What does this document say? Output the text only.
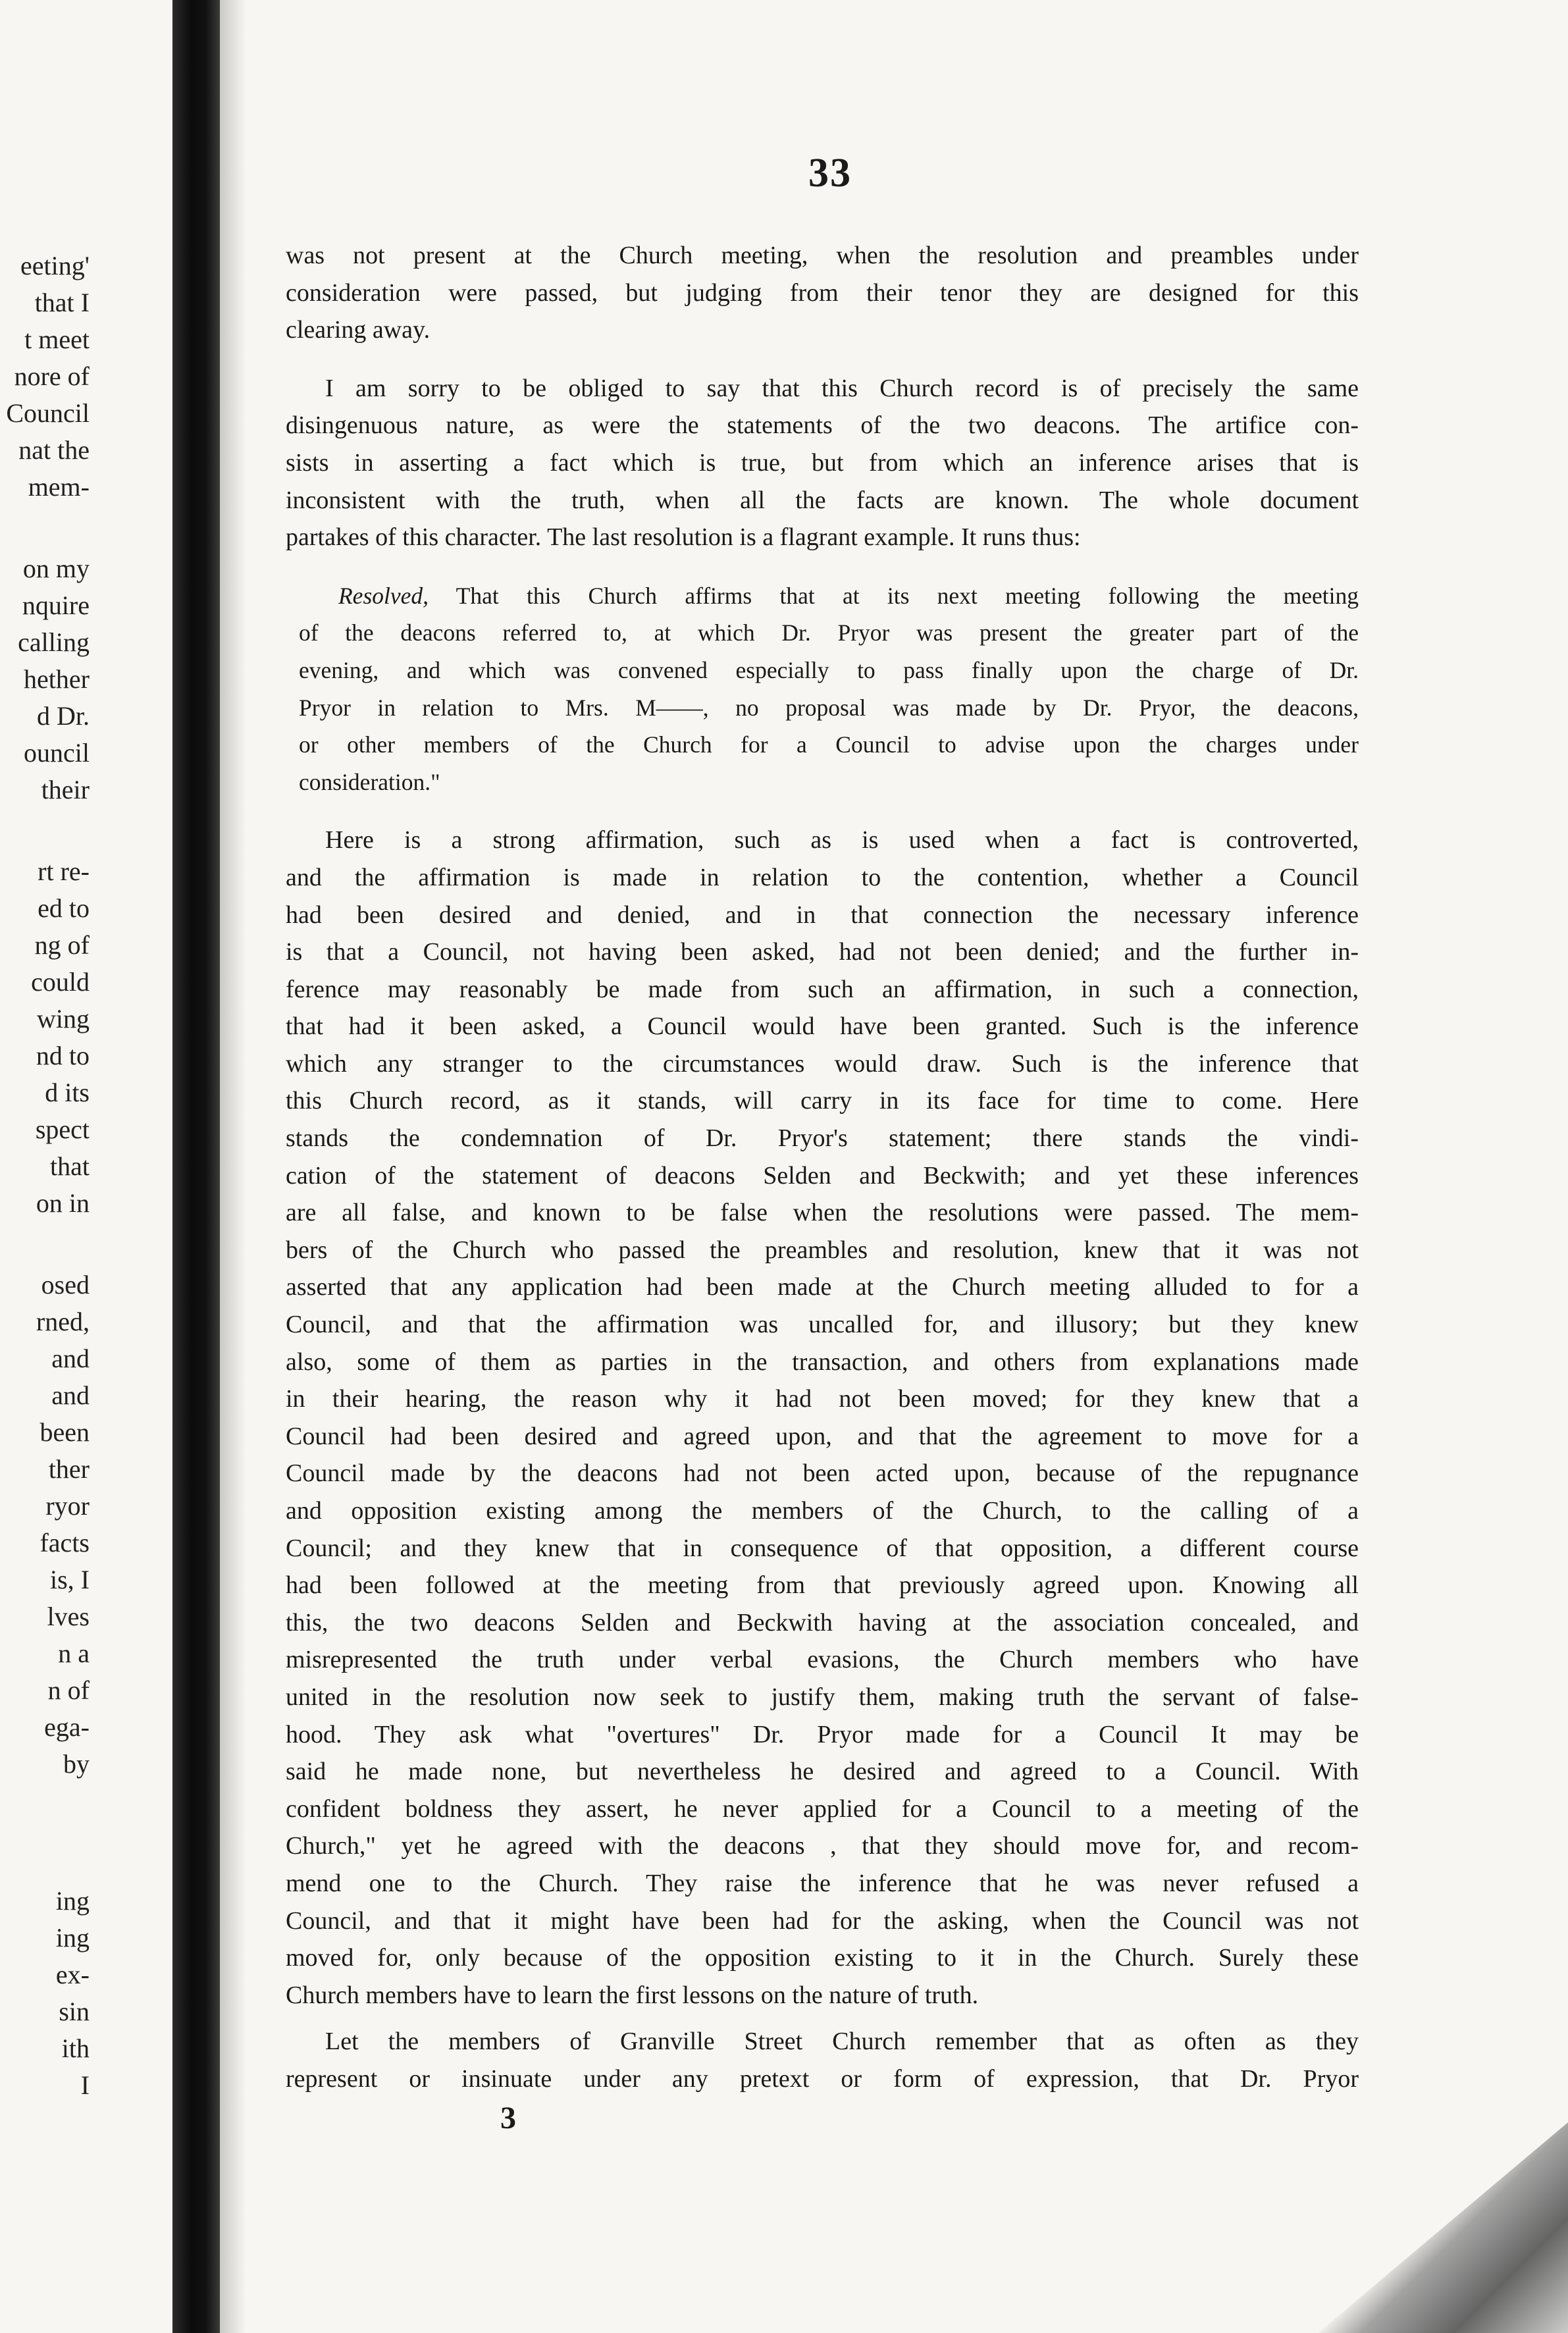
eeting'
that I
t meet
nore of
Council
nat the
mem-
on my
nquire
calling
hether
d Dr.
ouncil
their
rt re-
ed to
ng of
could
wing
nd to
d its
spect
that
on in
osed
rned,
and
and
been
ther
ryor
facts
is, I
lves
n a
n of
ega-
by
ing
ing
ex-
sin
ith
I
33
was not present at the Church meeting, when the resolution and preambles under
consideration were passed, but judging from their tenor they are designed for this
clearing away.
I am sorry to be obliged to say that this Church record is of precisely the same
disingenuous nature, as were the statements of the two deacons. The artifice con-
sists in asserting a fact which is true, but from which an inference arises that is
inconsistent with the truth, when all the facts are known. The whole document
partakes of this character. The last resolution is a flagrant example. It runs thus:
Resolved, That this Church affirms that at its next meeting following the meeting
of the deacons referred to, at which Dr. Pryor was present the greater part of the
evening, and which was convened especially to pass finally upon the charge of Dr.
Pryor in relation to Mrs. M——, no proposal was made by Dr. Pryor, the deacons,
or other members of the Church for a Council to advise upon the charges under
consideration."
Here is a strong affirmation, such as is used when a fact is controverted,
and the affirmation is made in relation to the contention, whether a Council
had been desired and denied, and in that connection the necessary inference
is that a Council, not having been asked, had not been denied; and the further in-
ference may reasonably be made from such an affirmation, in such a connection,
that had it been asked, a Council would have been granted. Such is the inference
which any stranger to the circumstances would draw. Such is the inference that
this Church record, as it stands, will carry in its face for time to come. Here
stands the condemnation of Dr. Pryor's statement; there stands the vindi-
cation of the statement of deacons Selden and Beckwith; and yet these inferences
are all false, and known to be false when the resolutions were passed. The mem-
bers of the Church who passed the preambles and resolution, knew that it was not
asserted that any application had been made at the Church meeting alluded to for a
Council, and that the affirmation was uncalled for, and illusory; but they knew
also, some of them as parties in the transaction, and others from explanations made
in their hearing, the reason why it had not been moved; for they knew that a
Council had been desired and agreed upon, and that the agreement to move for a
Council made by the deacons had not been acted upon, because of the repugnance
and opposition existing among the members of the Church, to the calling of a
Council; and they knew that in consequence of that opposition, a different course
had been followed at the meeting from that previously agreed upon. Knowing all
this, the two deacons Selden and Beckwith having at the association concealed, and
misrepresented the truth under verbal evasions, the Church members who have
united in the resolution now seek to justify them, making truth the servant of false-
hood. They ask what "overtures" Dr. Pryor made for a Council It may be
said he made none, but nevertheless he desired and agreed to a Council. With
confident boldness they assert, he never applied for a Council to a meeting of the
Church," yet he agreed with the deacons , that they should move for, and recom-
mend one to the Church. They raise the inference that he was never refused a
Council, and that it might have been had for the asking, when the Council was not
moved for, only because of the opposition existing to it in the Church. Surely these
Church members have to learn the first lessons on the nature of truth.
Let the members of Granville Street Church remember that as often as they
represent or insinuate under any pretext or form of expression, that Dr. Pryor
3
